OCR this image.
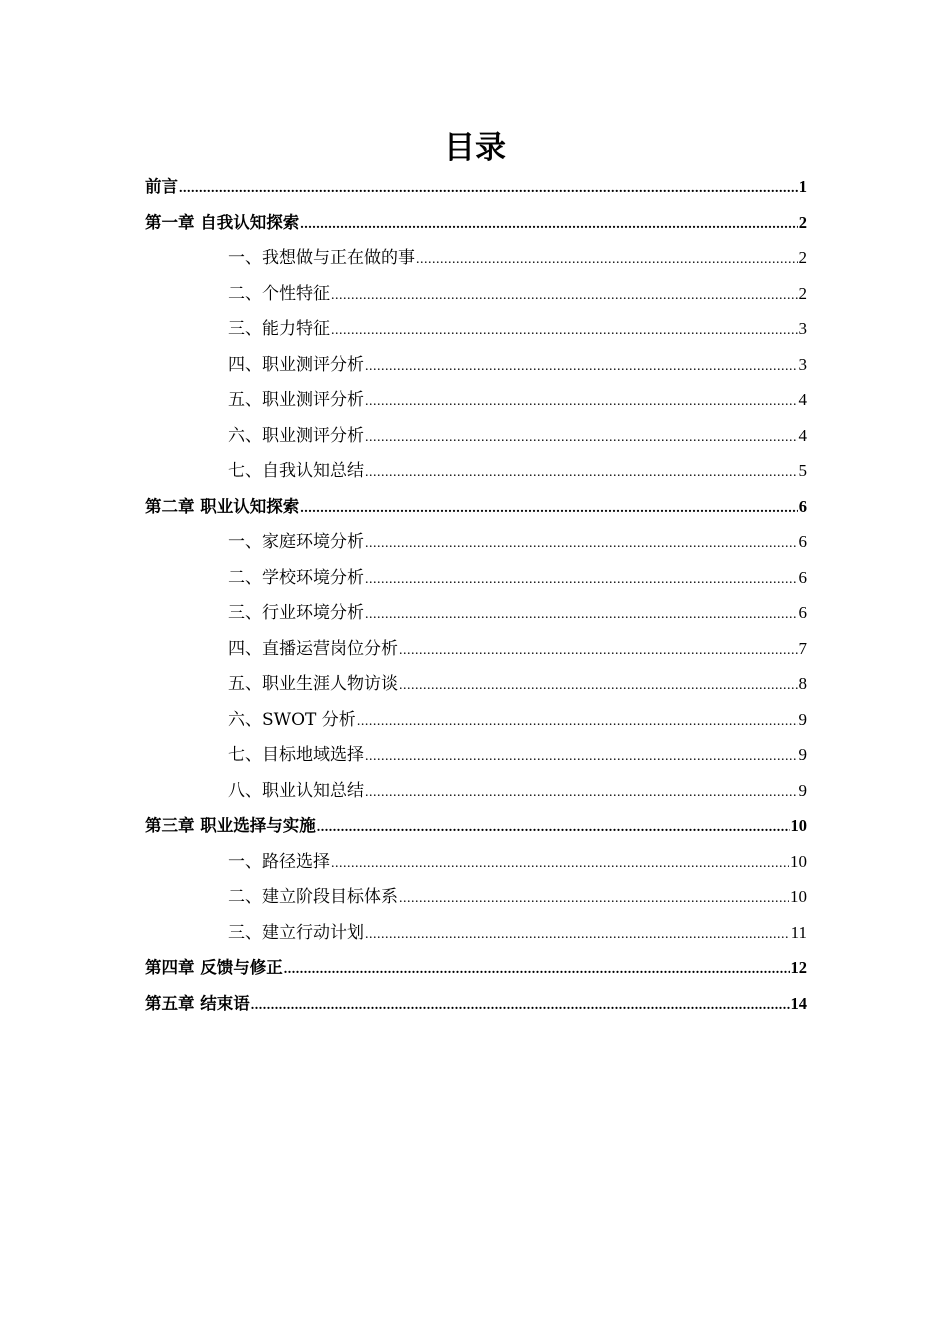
目录
前言 .....	1
第一章 自我认知探索 .....	2
一、我想做与正在做的事 .....	2
二、个性特征 .....	2
三、能力特征 .....	3
四、职业测评分析 .....	3
五、职业测评分析 .....	4
六、职业测评分析 .....	4
七、自我认知总结 .....	5
第二章 职业认知探索 .....	6
一、家庭环境分析 .....	6
二、学校环境分析 .....	6
三、行业环境分析 .....	6
四、直播运营岗位分析 .....	7
五、职业生涯人物访谈 .....	8
六、SWOT 分析 .....	9
七、目标地域选择 .....	9
八、职业认知总结 .....	9
第三章 职业选择与实施 .....	10
一、路径选择 .....	10
二、建立阶段目标体系 .....	10
三、建立行动计划 .....	11
第四章 反馈与修正 .....	12
第五章 结束语 .....	14
